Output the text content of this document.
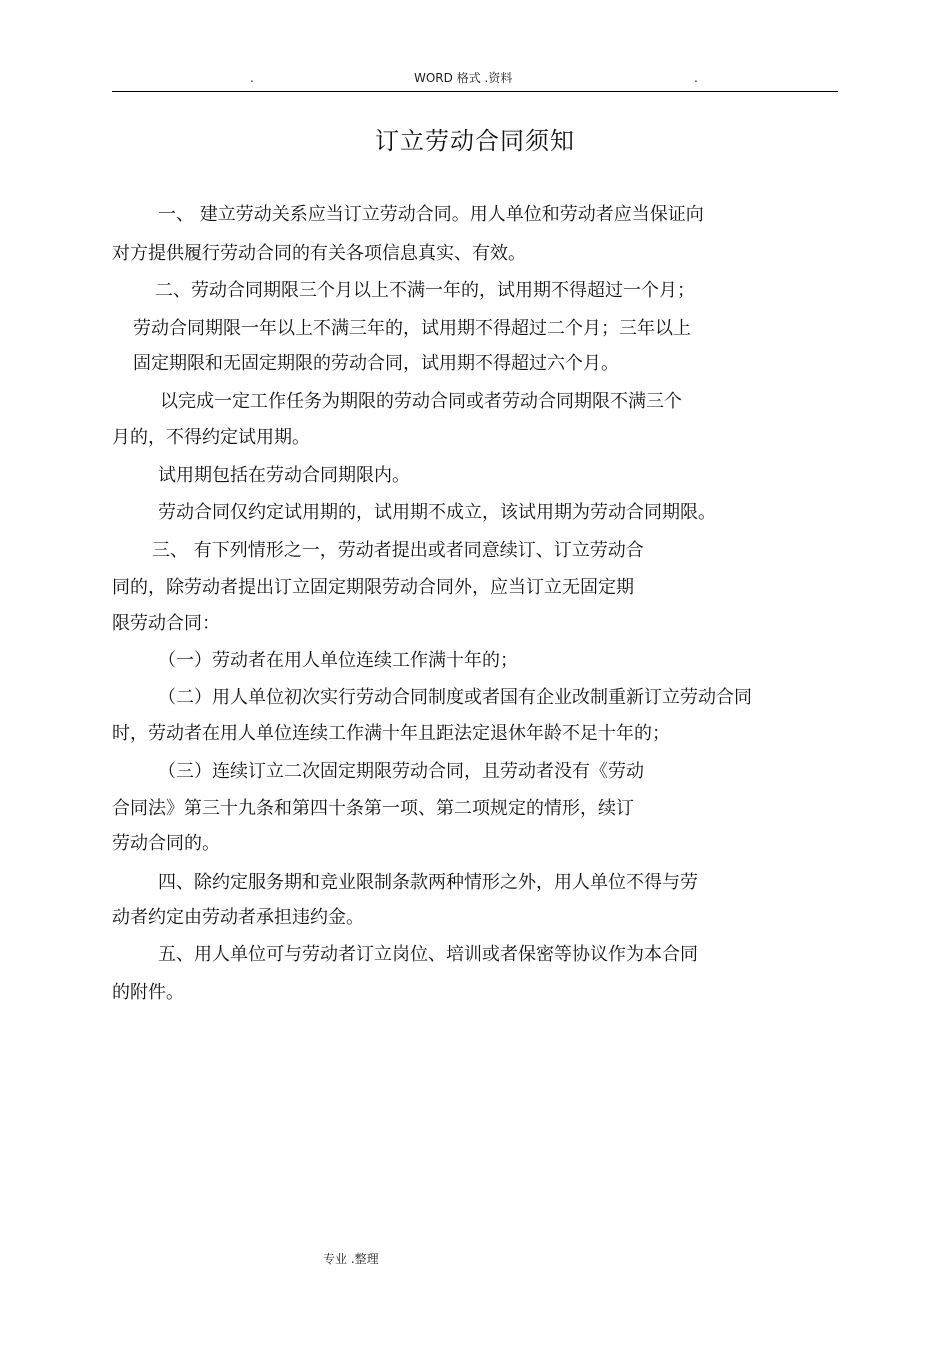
.	WORD 格式 .资料	.
订立劳动合同须知
一、 建立劳动关系应当订立劳动合同。用人单位和劳动者应当保证向
对方提供履行劳动合同的有关各项信息真实、有效。
二、劳动合同期限三个月以上不满一年的，试用期不得超过一个月；
劳动合同期限一年以上不满三年的，试用期不得超过二个月；三年以上
固定期限和无固定期限的劳动合同，试用期不得超过六个月。
以完成一定工作任务为期限的劳动合同或者劳动合同期限不满三个
月的，不得约定试用期。
试用期包括在劳动合同期限内。
劳动合同仅约定试用期的，试用期不成立，该试用期为劳动合同期限。
三、 有下列情形之一，劳动者提出或者同意续订、订立劳动合
同的，除劳动者提出订立固定期限劳动合同外，应当订立无固定期
限劳动合同：
（一）劳动者在用人单位连续工作满十年的；
（二）用人单位初次实行劳动合同制度或者国有企业改制重新订立劳动合同
时，劳动者在用人单位连续工作满十年且距法定退休年龄不足十年的；
（三）连续订立二次固定期限劳动合同，且劳动者没有《劳动
合同法》第三十九条和第四十条第一项、第二项规定的情形，续订
劳动合同的。
四、除约定服务期和竞业限制条款两种情形之外，用人单位不得与劳
动者约定由劳动者承担违约金。
五、用人单位可与劳动者订立岗位、培训或者保密等协议作为本合同
的附件。
专业 .整理
